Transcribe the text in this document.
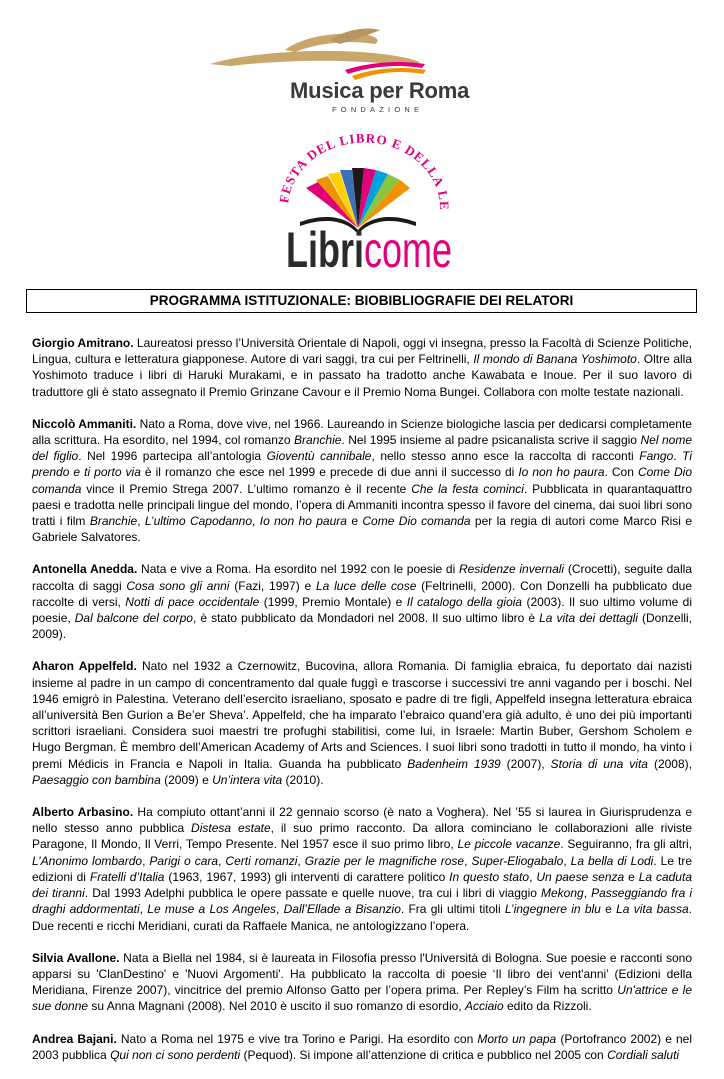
Musica per Roma
FONDAZIONE
FESTA DEL LIBRO E DELLA L
Libricome
PROGRAMMA ISTITUZIONALE: BIOBIBLIOGRAFIE DEI RELATORI

Giorgio Amitrano. Laureatosi presso l’Università Orientale di Napoli, oggi vi insegna, presso la Facoltà di Scienze Politiche, Lingua, cultura e letteratura giapponese. Autore di vari saggi, tra cui per Feltrinelli, Il mondo di Banana Yoshimoto. Oltre alla Yoshimoto traduce i libri di Haruki Murakami, e in passato ha tradotto anche Kawabata e Inoue. Per il suo lavoro di traduttore gli è stato assegnato il Premio Grinzane Cavour e il Premio Noma Bungei. Collabora con molte testate nazionali.

Niccolò Ammaniti. Nato a Roma, dove vive, nel 1966. Laureando in Scienze biologiche lascia per dedicarsi completamente alla scrittura. Ha esordito, nel 1994, col romanzo Branchie. Nel 1995 insieme al padre psicanalista scrive il saggio Nel nome del figlio. Nel 1996 partecipa all’antologia Gioventù cannibale, nello stesso anno esce la raccolta di racconti Fango. Ti prendo e ti porto via è il romanzo che esce nel 1999 e precede di due anni il successo di Io non ho paura. Con Come Dio comanda vince il Premio Strega 2007. L’ultimo romanzo è il recente Che la festa cominci. Pubblicata in quarantaquattro paesi e tradotta nelle principali lingue del mondo, l’opera di Ammaniti incontra spesso il favore del cinema, dai suoi libri sono tratti i film Branchie, L’ultimo Capodanno, Io non ho paura e Come Dio comanda per la regia di autori come Marco Risi e Gabriele Salvatores.

Antonella Anedda. Nata e vive a Roma. Ha esordito nel 1992 con le poesie di Residenze invernali (Crocetti), seguite dalla raccolta di saggi Cosa sono gli anni (Fazi, 1997) e La luce delle cose (Feltrinelli, 2000). Con Donzelli ha pubblicato due raccolte di versi, Notti di pace occidentale (1999, Premio Montale) e Il catalogo della gioia (2003). Il suo ultimo volume di poesie, Dal balcone del corpo, è stato pubblicato da Mondadori nel 2008. Il suo ultimo libro è La vita dei dettagli (Donzelli, 2009).

Aharon Appelfeld. Nato nel 1932 a Czernowitz, Bucovina, allora Romania. Di famiglia ebraica, fu deportato dai nazisti insieme al padre in un campo di concentramento dal quale fuggì e trascorse i successivi tre anni vagando per i boschi. Nel 1946 emigrò in Palestina. Veterano dell’esercito israeliano, sposato e padre di tre figli, Appelfeld insegna letteratura ebraica all’università Ben Gurion a Be’er Sheva’. Appelfeld, che ha imparato l’ebraico quand’era già adulto, è uno dei più importanti scrittori israeliani. Considera suoi maestri tre profughi stabilitisi, come lui, in Israele: Martin Buber, Gershom Scholem e Hugo Bergman. È membro dell’American Academy of Arts and Sciences. I suoi libri sono tradotti in tutto il mondo, ha vinto i premi Médicis in Francia e Napoli in Italia. Guanda ha pubblicato Badenheim 1939 (2007), Storia di una vita (2008), Paesaggio con bambina (2009) e Un’intera vita (2010).

Alberto Arbasino. Ha compiuto ottant’anni il 22 gennaio scorso (è nato a Voghera). Nel ’55 si laurea in Giurisprudenza e nello stesso anno pubblica Distesa estate, il suo primo racconto. Da allora cominciano le collaborazioni alle riviste Paragone, Il Mondo, Il Verri, Tempo Presente. Nel 1957 esce il suo primo libro, Le piccole vacanze. Seguiranno, fra gli altri, L’Anonimo lombardo, Parigi o cara, Certi romanzi, Grazie per le magnifiche rose, Super-Eliogabalo, La bella di Lodi. Le tre edizioni di Fratelli d’Italia (1963, 1967, 1993) gli interventi di carattere politico In questo stato, Un paese senza e La caduta dei tiranni. Dal 1993 Adelphi pubblica le opere passate e quelle nuove, tra cui i libri di viaggio Mekong, Passeggiando fra i draghi addormentati, Le muse a Los Angeles, Dall’Ellade a Bisanzio. Fra gli ultimi titoli L’ingegnere in blu e La vita bassa. Due recenti e ricchi Meridiani, curati da Raffaele Manica, ne antologizzano l’opera.

Silvia Avallone. Nata a Biella nel 1984, si è laureata in Filosofia presso l'Università di Bologna. Sue poesie e racconti sono apparsi su 'ClanDestino' e 'Nuovi Argomenti'. Ha pubblicato la raccolta di poesie ‘Il libro dei vent'anni’ (Edizioni della Meridiana, Firenze 2007), vincitrice del premio Alfonso Gatto per l’opera prima. Per Repley’s Film ha scritto Un'attrice e le sue donne su Anna Magnani (2008). Nel 2010 è uscito il suo romanzo di esordio, Acciaio edito da Rizzoli.

Andrea Bajani. Nato a Roma nel 1975 e vive tra Torino e Parigi. Ha esordito con Morto un papa (Portofranco 2002) e nel 2003 pubblica Qui non ci sono perdenti (Pequod). Si impone all’attenzione di critica e pubblico nel 2005 con Cordiali saluti
